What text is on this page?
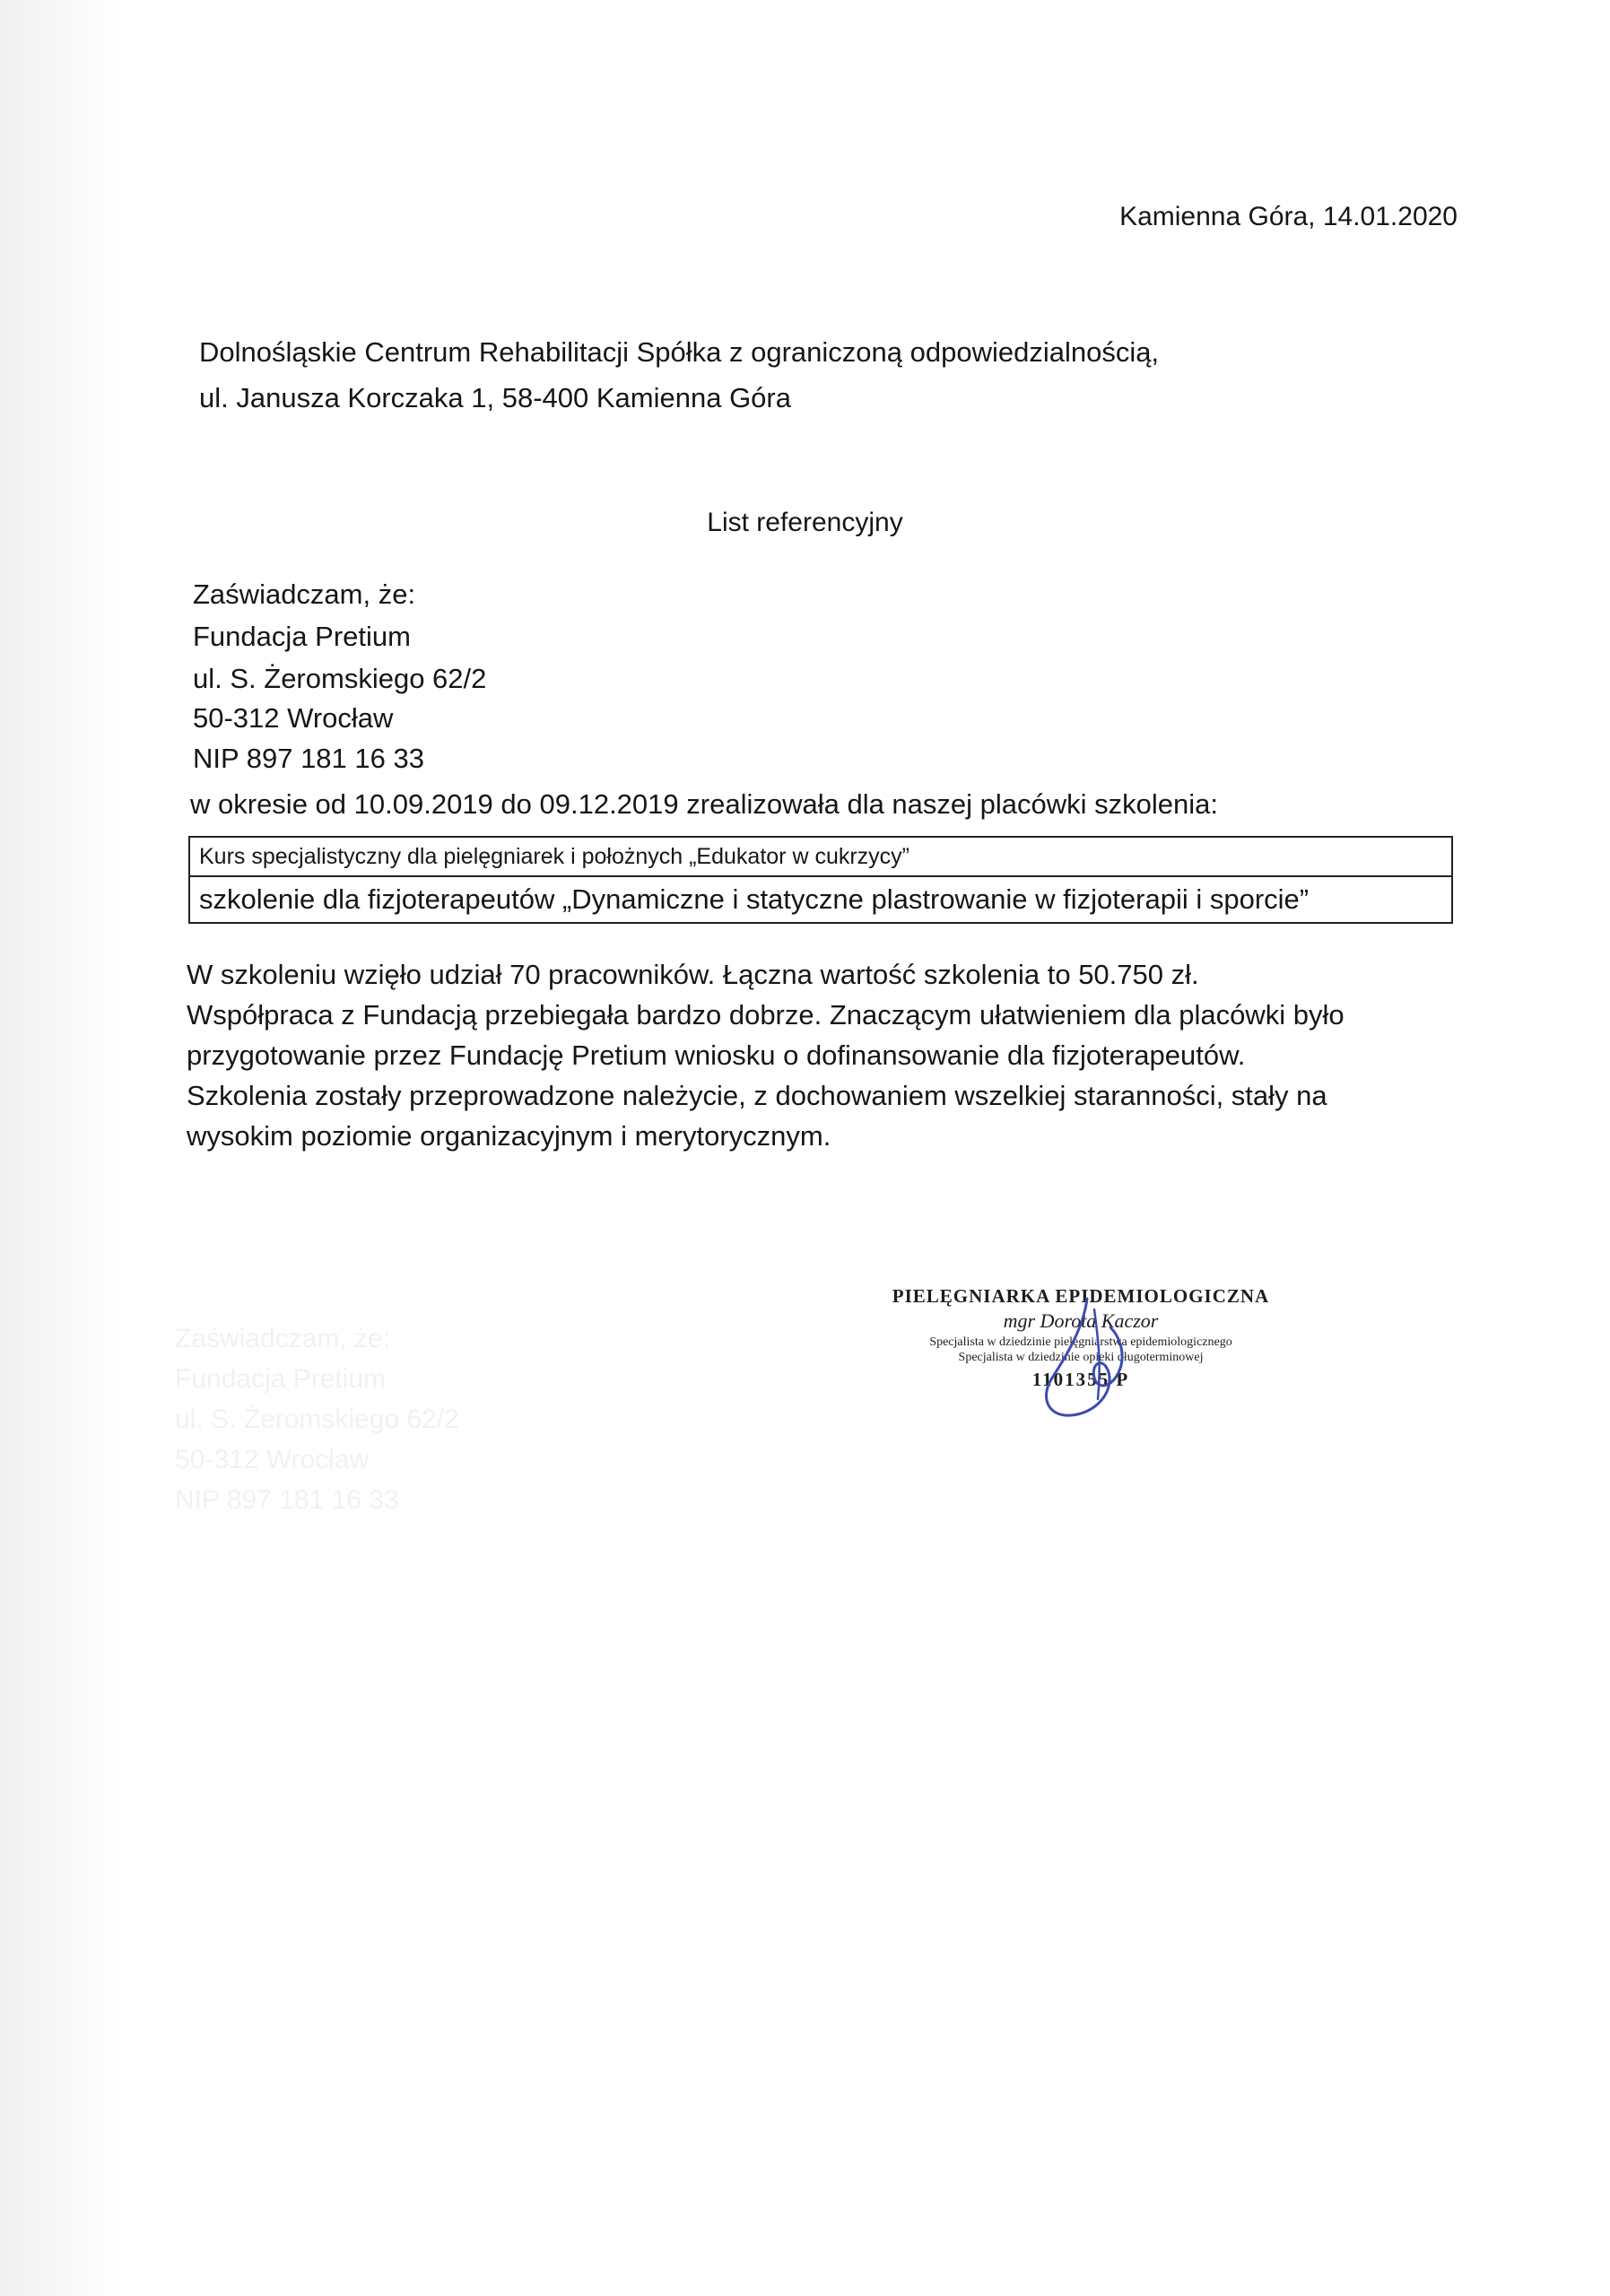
Kamienna Góra, 14.01.2020
Dolnośląskie Centrum Rehabilitacji Spółka z ograniczoną odpowiedzialnością,
ul. Janusza Korczaka 1, 58-400 Kamienna Góra
List referencyjny
Zaświadczam, że:
Fundacja Pretium
ul. S. Żeromskiego 62/2
50-312 Wrocław
NIP 897 181 16 33
w okresie od 10.09.2019 do 09.12.2019 zrealizowała dla naszej placówki szkolenia:
Kurs specjalistyczny dla pielęgniarek i położnych „Edukator w cukrzycy”
szkolenie dla fizjoterapeutów „Dynamiczne i statyczne plastrowanie w fizjoterapii i sporcie”

W szkoleniu wzięło udział 70 pracowników. Łączna wartość szkolenia to 50.750 zł.

Współpraca z Fundacją przebiegała bardzo dobrze. Znaczącym ułatwieniem dla placówki było

przygotowanie przez Fundację Pretium wniosku o dofinansowanie dla fizjoterapeutów.

Szkolenia zostały przeprowadzone należycie, z dochowaniem wszelkiej staranności, stały na

wysokim poziomie organizacyjnym i merytorycznym.

Zaświadczam, że:

Fundacja Pretium

ul. S. Żeromskiego 62/2

50-312 Wrocław

NIP 897 181 16 33

PIELĘGNIARKA EPIDEMIOLOGICZNA
mgr Dorota Kaczor
Specjalista w dziedzinie pielęgniarstwa epidemiologicznego
Specjalista w dziedzinie opieki długoterminowej
1101355 P
